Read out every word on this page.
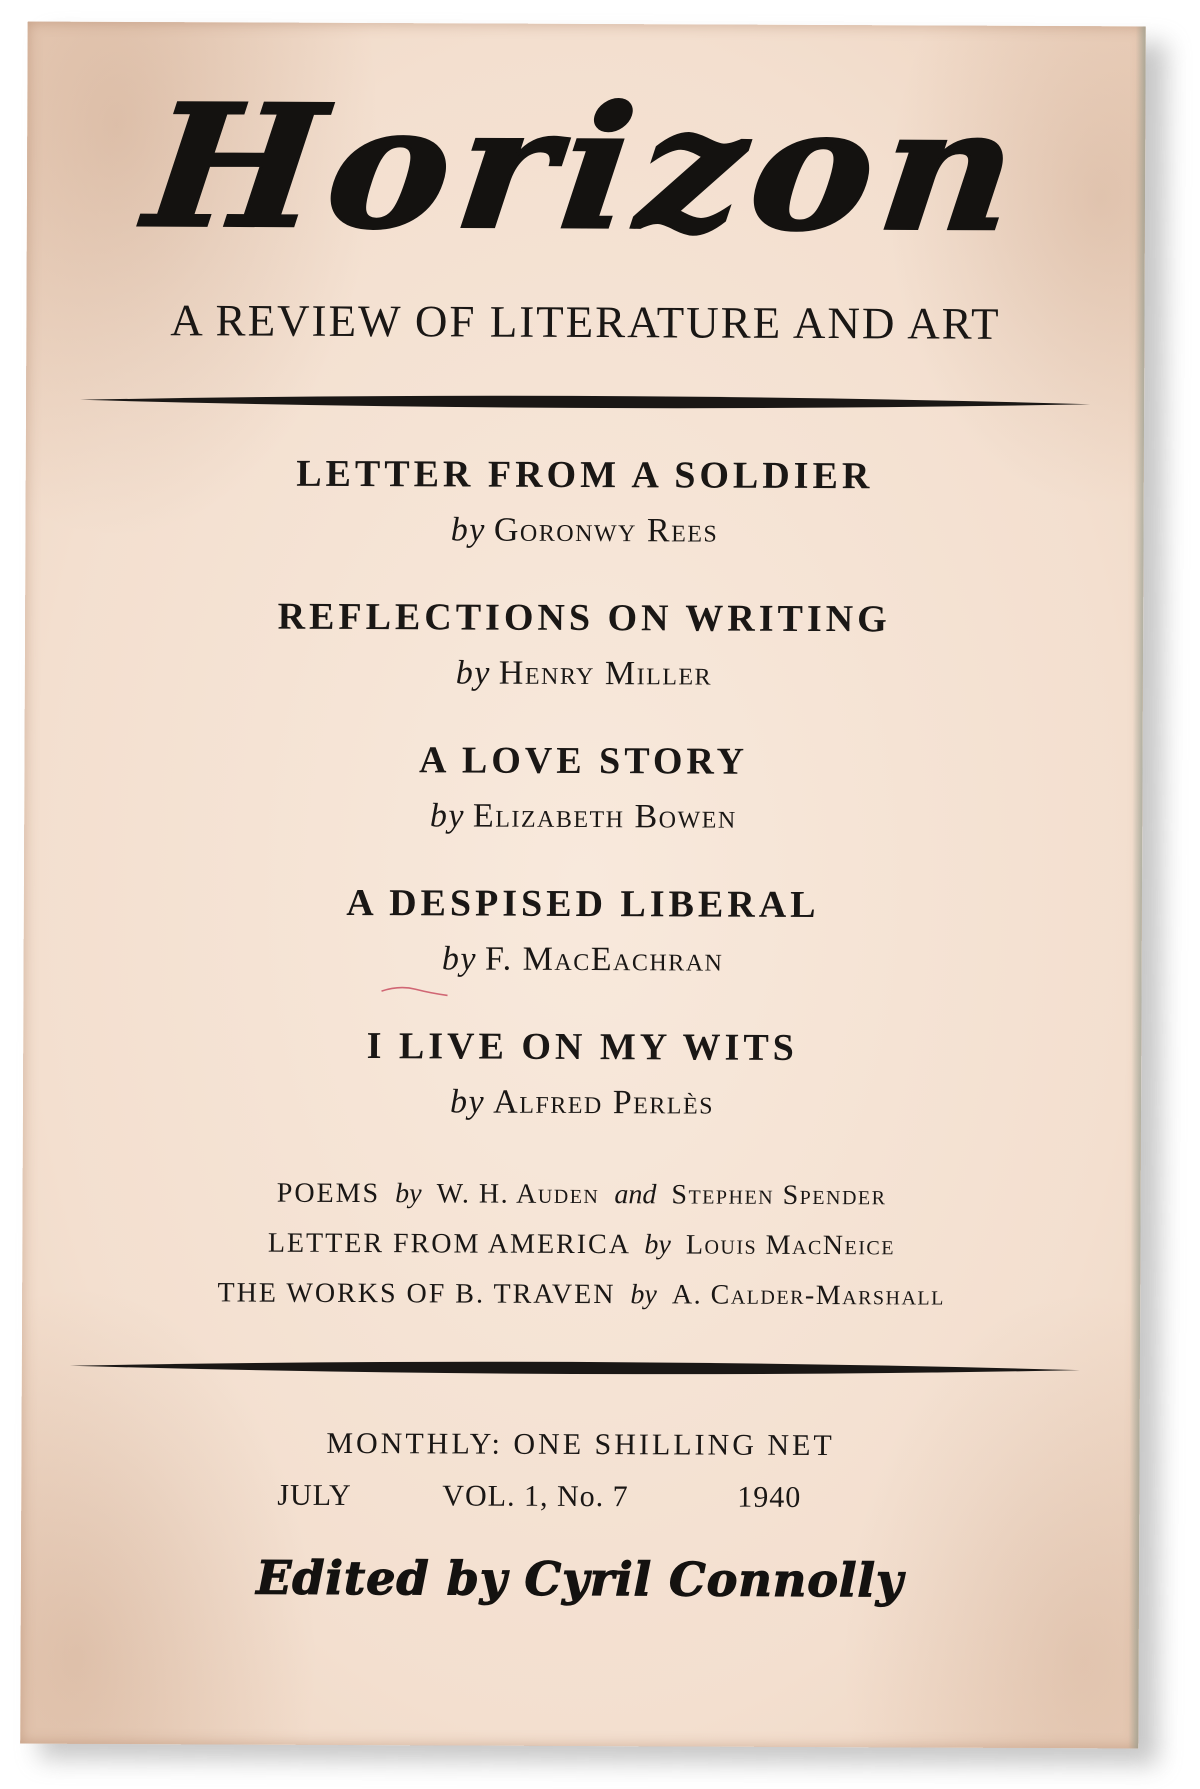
Horizon
A REVIEW OF LITERATURE AND ART
LETTER FROM A SOLDIER
by Goronwy Rees
REFLECTIONS ON WRITING
by Henry Miller
A LOVE STORY
by Elizabeth Bowen
A DESPISED LIBERAL
by F. MacEachran
I LIVE ON MY WITS
by Alfred Perlès
POEMS by W. H. Auden and Stephen Spender
LETTER FROM AMERICA by Louis MacNeice
THE WORKS OF B. TRAVEN by A. Calder-Marshall
MONTHLY: ONE SHILLING NET
JULY	VOL. 1, No. 7	1940
Edited by Cyril Connolly
